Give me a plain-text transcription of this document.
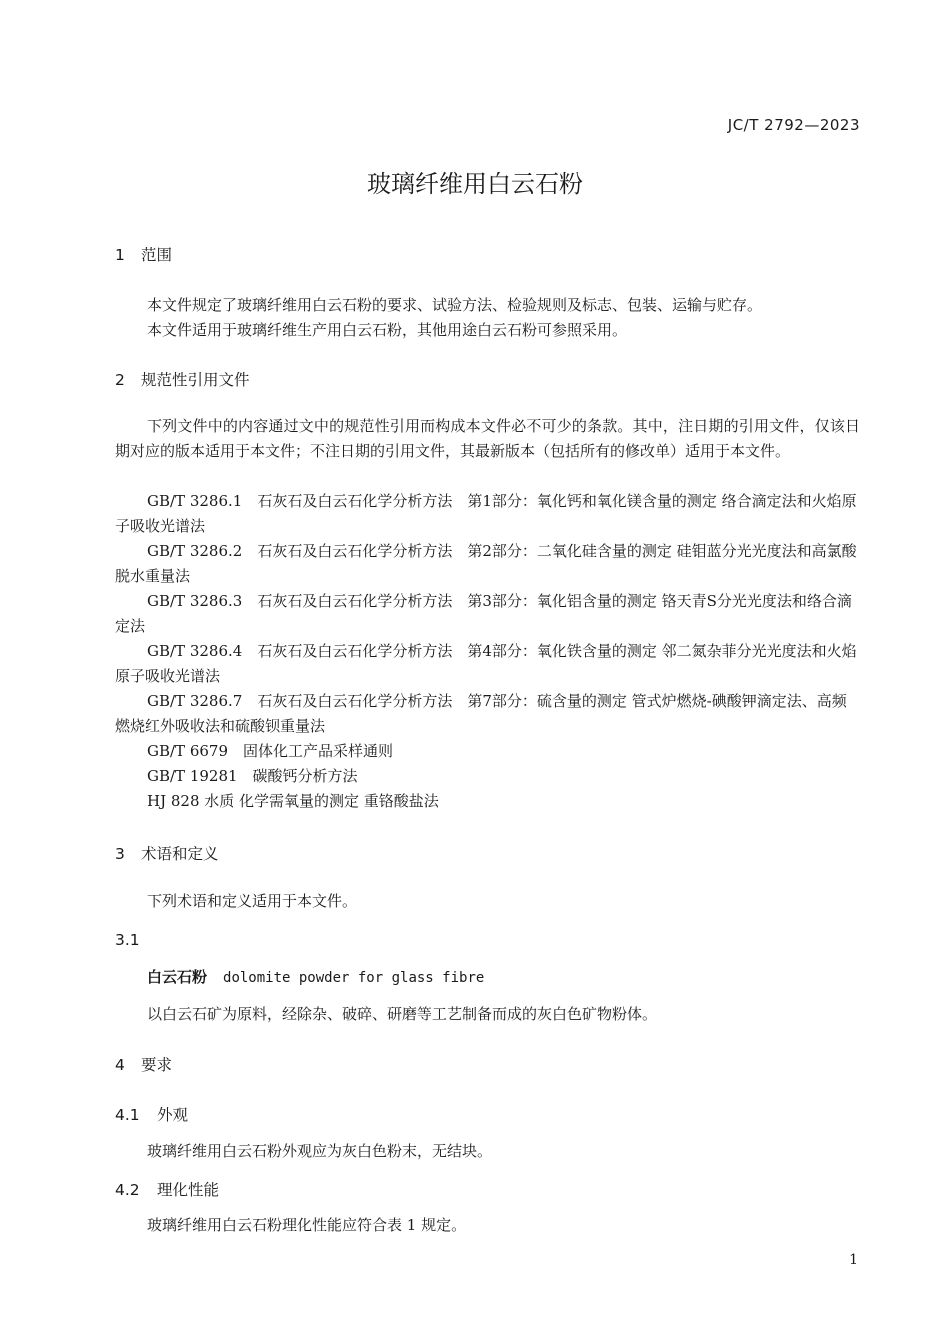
JC/T 2792—2023
玻璃纤维用白云石粉
1 范围
本文件规定了玻璃纤维用白云石粉的要求、试验方法、检验规则及标志、包装、运输与贮存。
本文件适用于玻璃纤维生产用白云石粉，其他用途白云石粉可参照采用。
2 规范性引用文件
下列文件中的内容通过文中的规范性引用而构成本文件必不可少的条款。其中，注日期的引用文件，仅该日期对应的版本适用于本文件；不注日期的引用文件，其最新版本（包括所有的修改单）适用于本文件。
GB/T 3286.1　石灰石及白云石化学分析方法　第1部分：氧化钙和氧化镁含量的测定 络合滴定法和火焰原子吸收光谱法
GB/T 3286.2　石灰石及白云石化学分析方法　第2部分：二氧化硅含量的测定 硅钼蓝分光光度法和高氯酸脱水重量法
GB/T 3286.3　石灰石及白云石化学分析方法　第3部分：氧化铝含量的测定 铬天青S分光光度法和络合滴定法
GB/T 3286.4　石灰石及白云石化学分析方法　第4部分：氧化铁含量的测定 邻二氮杂菲分光光度法和火焰原子吸收光谱法
GB/T 3286.7　石灰石及白云石化学分析方法　第7部分：硫含量的测定 管式炉燃烧-碘酸钾滴定法、高频燃烧红外吸收法和硫酸钡重量法
GB/T 6679　固体化工产品采样通则
GB/T 19281　碳酸钙分析方法
HJ 828 水质 化学需氧量的测定 重铬酸盐法
3 术语和定义
下列术语和定义适用于本文件。
3.1
白云石粉 dolomite powder for glass fibre
以白云石矿为原料，经除杂、破碎、研磨等工艺制备而成的灰白色矿物粉体。
4 要求
4.1 外观
玻璃纤维用白云石粉外观应为灰白色粉末，无结块。
4.2 理化性能
玻璃纤维用白云石粉理化性能应符合表 1 规定。
1
